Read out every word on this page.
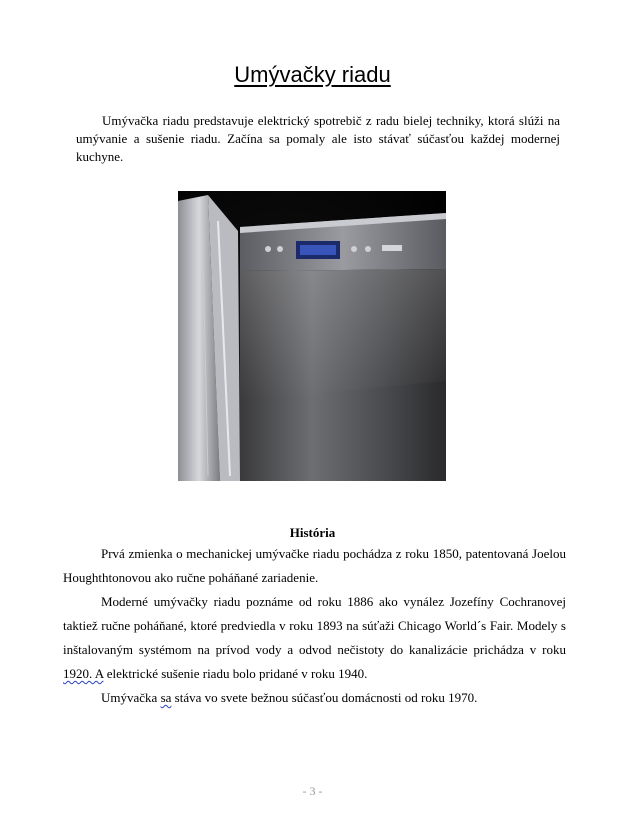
Umývačky riadu

Umývačka riadu predstavuje elektrický spotrebič z radu bielej techniky, ktorá slúži na umývanie a sušenie riadu. Začína sa pomaly ale isto stávať súčasťou každej modernej kuchyne.

História

Prvá zmienka o mechanickej umývačke riadu pochádza z roku 1850, patentovaná Joelou Houghthtonovou ako ručne poháňané zariadenie.

Moderné umývačky riadu poznáme od roku 1886 ako vynález Jozefíny Cochranovej taktiež ručne poháňané, ktoré predviedla v roku 1893 na súťaži Chicago World´s Fair. Modely s inštalovaným systémom na prívod vody a odvod nečistoty do kanalizácie prichádza v roku 1920. A elektrické sušenie riadu bolo pridané v roku 1940.

Umývačka sa stáva vo svete bežnou súčasťou domácnosti od roku 1970.

- 3 -
